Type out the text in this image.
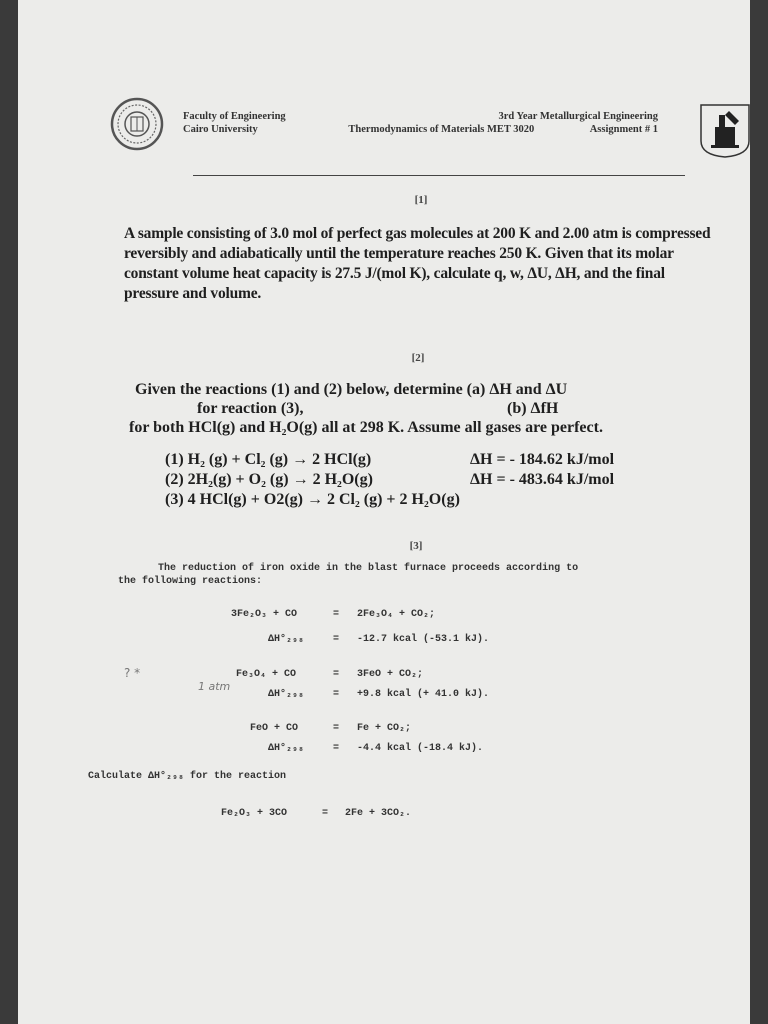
Faculty of Engineering	3rd Year Metallurgical Engineering
Cairo University	Thermodynamics of Materials MET 3020	Assignment # 1
[1]
A sample consisting of 3.0 mol of perfect gas molecules at 200 K and 2.00 atm is compressed reversibly and adiabatically until the temperature reaches 250 K. Given that its molar constant volume heat capacity is 27.5 J/(mol K), calculate q, w, ΔU, ΔH, and the final pressure and volume.
[2]
Given the reactions (1) and (2) below, determine (a) ΔH and ΔU
for reaction (3),	(b) ΔfH
for both HCl(g) and H₂O(g) all at 298 K. Assume all gases are perfect.
(1) H₂ (g) + Cl₂ (g) → 2 HCl(g)	ΔH = - 184.62 kJ/mol
(2) 2H₂(g) + O₂ (g) → 2 H₂O(g)	ΔH = - 483.64 kJ/mol
(3) 4 HCl(g) + O2(g) → 2 Cl₂ (g) + 2 H₂O(g)
[3]
The reduction of iron oxide in the blast furnace proceeds according to
the following reactions:
3Fe₂O₃ + CO	= 2Fe₃O₄ + CO₂;
ΔH°₂₉₈	= -12.7 kcal (-53.1 kJ).
Fe₃O₄ + CO	= 3FeO + CO₂;
ΔH°₂₉₈	= +9.8 kcal (+ 41.0 kJ).
1 atm
? *
FeO + CO	= Fe + CO₂;
ΔH°₂₉₈	= -4.4 kcal (-18.4 kJ).
Calculate ΔH°₂₉₈ for the reaction
Fe₂O₃ + 3CO	= 2Fe + 3CO₂.
